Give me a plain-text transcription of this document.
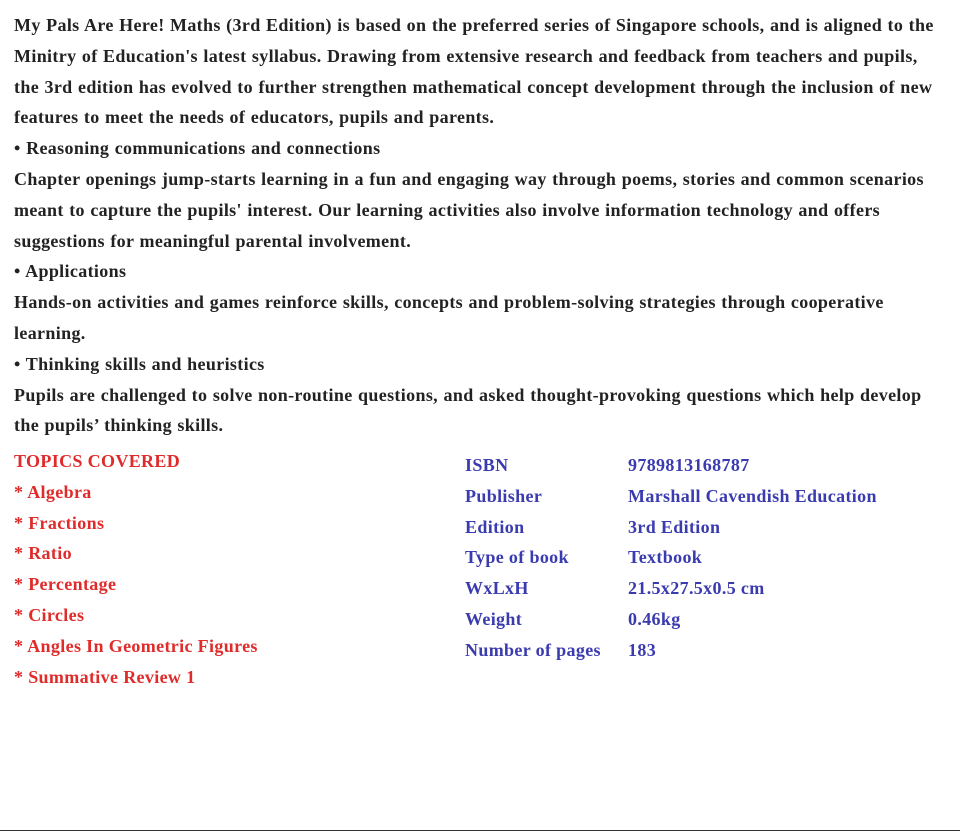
My Pals Are Here! Maths (3rd Edition) is based on the preferred series of Singapore schools, and is aligned to the Minitry of Education's latest syllabus. Drawing from extensive research and feedback from teachers and pupils, the 3rd edition has evolved to further strengthen mathematical concept development through the inclusion of new features to meet the needs of educators, pupils and parents.

• Reasoning communications and connections

Chapter openings jump-starts learning in a fun and engaging way through poems, stories and common scenarios meant to capture the pupils' interest. Our learning activities also involve information technology and offers suggestions for meaningful parental involvement.

• Applications

Hands-on activities and games reinforce skills, concepts and problem-solving strategies through cooperative learning.

• Thinking skills and heuristics

Pupils are challenged to solve non-routine questions, and asked thought-provoking questions which help develop the pupils’ thinking skills.

TOPICS COVERED

* Algebra

* Fractions

* Ratio

* Percentage

* Circles

* Angles In Geometric Figures

* Summative Review 1

ISBN	9789813168787
Publisher	Marshall Cavendish Education
Edition	3rd Edition
Type of book	Textbook
WxLxH	21.5x27.5x0.5 cm
Weight	0.46kg
Number of pages	183
